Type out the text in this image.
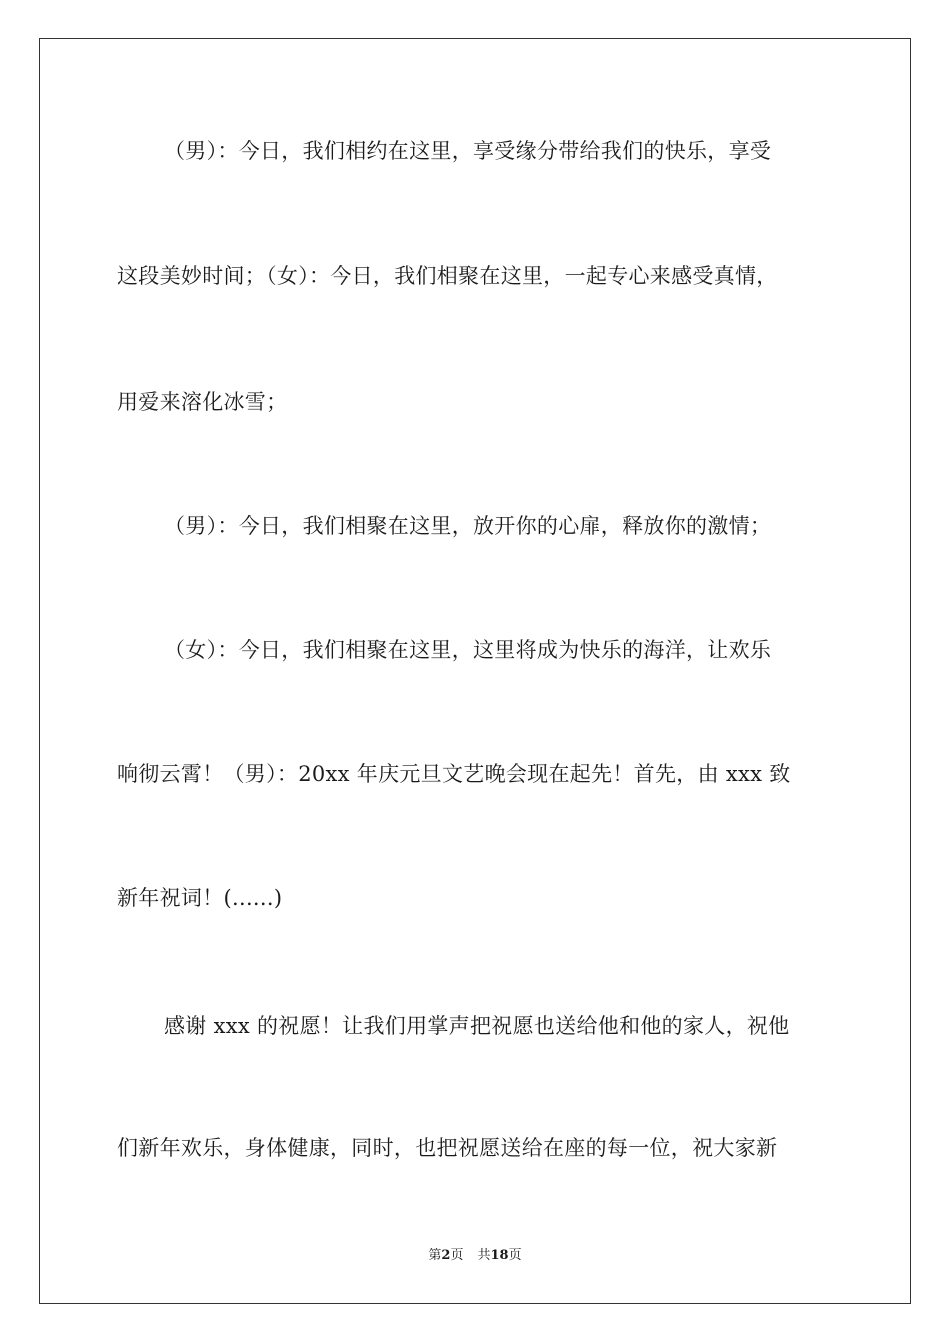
（男）：今日，我们相约在这里，享受缘分带给我们的快乐，享受
这段美妙时间；（女）：今日，我们相聚在这里，一起专心来感受真情，
用爱来溶化冰雪；
（男）：今日，我们相聚在这里，放开你的心扉，释放你的激情；
（女）：今日，我们相聚在这里，这里将成为快乐的海洋，让欢乐
响彻云霄！（男）：20xx 年庆元旦文艺晚会现在起先！首先，由 xxx 致
新年祝词！(......)
感谢 xxx 的祝愿！让我们用掌声把祝愿也送给他和他的家人，祝他
们新年欢乐，身体健康，同时，也把祝愿送给在座的每一位，祝大家新
第2页 共18页
